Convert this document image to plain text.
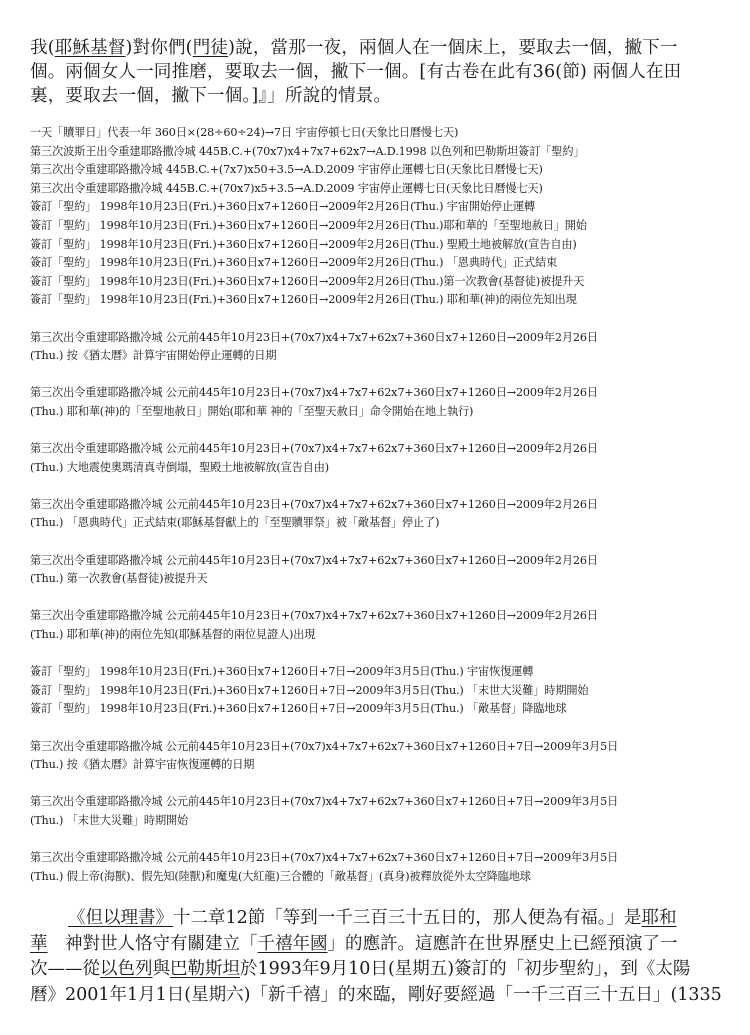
我(耶穌基督)對你們(門徒)說，當那一夜，兩個人在一個床上，要取去一個，撇下一

個。兩個女人一同推磨，要取去一個，撇下一個。[有古卷在此有36(節) 兩個人在田

裏，要取去一個，撇下一個。]』」所說的情景。

一天「贖罪日」代表一年 360日×(28÷60÷24)→7日 宇宙停頓七日(天象比日曆慢七天)
第三次波斯王出令重建耶路撒冷城 445B.C.+(70x7)x4+7x7+62x7→A.D.1998 以色列和巴勒斯坦簽訂「聖約」
第三次出令重建耶路撒冷城 445B.C.+(7x7)x50+3.5→A.D.2009 宇宙停止運轉七日(天象比日曆慢七天)
第三次出令重建耶路撒冷城 445B.C.+(70x7)x5+3.5→A.D.2009 宇宙停止運轉七日(天象比日曆慢七天)
簽訂「聖約」 1998年10月23日(Fri.)+360日x7+1260日→2009年2月26日(Thu.) 宇宙開始停止運轉
簽訂「聖約」 1998年10月23日(Fri.)+360日x7+1260日→2009年2月26日(Thu.)耶和華的「至聖地赦日」開始
簽訂「聖約」 1998年10月23日(Fri.)+360日x7+1260日→2009年2月26日(Thu.) 聖殿土地被解放(宣告自由)
簽訂「聖約」 1998年10月23日(Fri.)+360日x7+1260日→2009年2月26日(Thu.) 「恩典時代」正式結束
簽訂「聖約」 1998年10月23日(Fri.)+360日x7+1260日→2009年2月26日(Thu.)第一次教會(基督徒)被提升天
簽訂「聖約」 1998年10月23日(Fri.)+360日x7+1260日→2009年2月26日(Thu.) 耶和華(神)的兩位先知出現
第三次出令重建耶路撒冷城 公元前445年10月23日+(70x7)x4+7x7+62x7+360日x7+1260日→2009年2月26日
(Thu.) 按《猶太曆》計算宇宙開始停止運轉的日期
第三次出令重建耶路撒冷城 公元前445年10月23日+(70x7)x4+7x7+62x7+360日x7+1260日→2009年2月26日
(Thu.) 耶和華(神)的「至聖地赦日」開始(耶和華 神的「至聖天赦日」命令開始在地上執行)
第三次出令重建耶路撒冷城 公元前445年10月23日+(70x7)x4+7x7+62x7+360日x7+1260日→2009年2月26日
(Thu.) 大地震使奧瑪清真寺倒塌，聖殿土地被解放(宣告自由)
第三次出令重建耶路撒冷城 公元前445年10月23日+(70x7)x4+7x7+62x7+360日x7+1260日→2009年2月26日
(Thu.) 「恩典時代」正式結束(耶穌基督獻上的「至聖贖罪祭」被「敵基督」停止了)
第三次出令重建耶路撒冷城 公元前445年10月23日+(70x7)x4+7x7+62x7+360日x7+1260日→2009年2月26日
(Thu.) 第一次教會(基督徒)被提升天
第三次出令重建耶路撒冷城 公元前445年10月23日+(70x7)x4+7x7+62x7+360日x7+1260日→2009年2月26日
(Thu.) 耶和華(神)的兩位先知(耶穌基督的兩位見證人)出現
簽訂「聖約」 1998年10月23日(Fri.)+360日x7+1260日+7日→2009年3月5日(Thu.) 宇宙恢復運轉
簽訂「聖約」 1998年10月23日(Fri.)+360日x7+1260日+7日→2009年3月5日(Thu.) 「末世大災難」時期開始
簽訂「聖約」 1998年10月23日(Fri.)+360日x7+1260日+7日→2009年3月5日(Thu.) 「敵基督」降臨地球
第三次出令重建耶路撒冷城 公元前445年10月23日+(70x7)x4+7x7+62x7+360日x7+1260日+7日→2009年3月5日
(Thu.) 按《猶太曆》計算宇宙恢復運轉的日期
第三次出令重建耶路撒冷城 公元前445年10月23日+(70x7)x4+7x7+62x7+360日x7+1260日+7日→2009年3月5日
(Thu.) 「末世大災難」時期開始
第三次出令重建耶路撒冷城 公元前445年10月23日+(70x7)x4+7x7+62x7+360日x7+1260日+7日→2009年3月5日
(Thu.) 假上帝(海獸)、假先知(陸獸)和魔鬼(大紅龍)三合體的「敵基督」(真身)被釋放從外太空降臨地球
《但以理書》十二章12節「等到一千三百三十五日的，那人便為有福。」是耶和
華　神對世人恪守有關建立「千禧年國」的應許。這應許在世界歷史上已經預演了一
次——從以色列與巴勒斯坦於1993年9月10日(星期五)簽訂的「初步聖約」，到《太陽
曆》2001年1月1日(星期六)「新千禧」的來臨，剛好要經過「一千三百三十五日」(1335
